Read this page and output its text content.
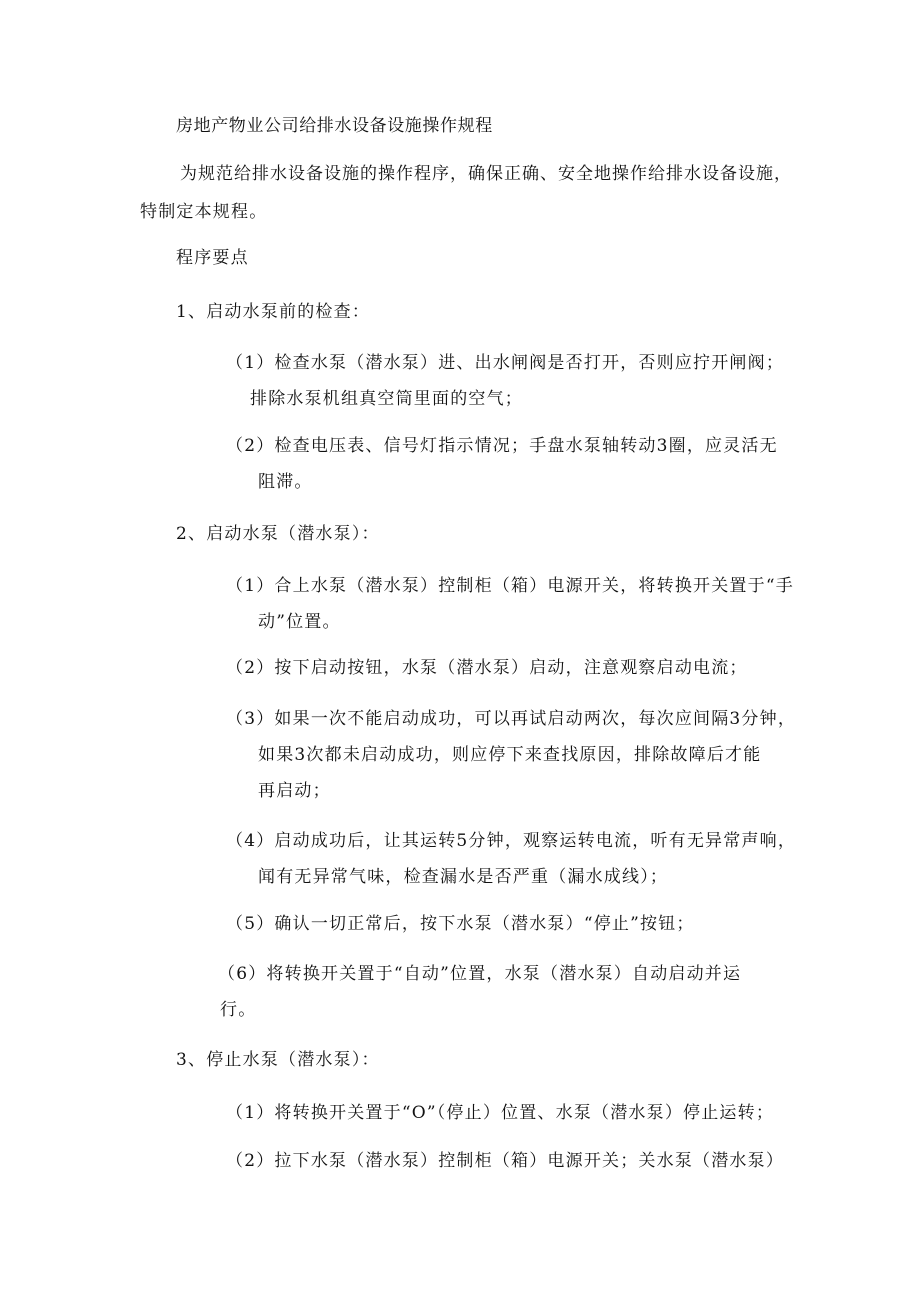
房地产物业公司给排水设备设施操作规程
为规范给排水设备设施的操作程序，确保正确、安全地操作给排水设备设施，
特制定本规程。
程序要点
1、启动水泵前的检查：
（1）检查水泵（潜水泵）进、出水闸阀是否打开，否则应拧开闸阀；
排除水泵机组真空筒里面的空气；
（2）检查电压表、信号灯指示情况；手盘水泵轴转动3圈，应灵活无
阻滞。
2、启动水泵（潜水泵）：
（1）合上水泵（潜水泵）控制柜（箱）电源开关，将转换开关置于“手
动”位置。
（2）按下启动按钮，水泵（潜水泵）启动，注意观察启动电流；
（3）如果一次不能启动成功，可以再试启动两次，每次应间隔3分钟，
如果3次都未启动成功，则应停下来查找原因，排除故障后才能
再启动；
（4）启动成功后，让其运转5分钟，观察运转电流，听有无异常声响，
闻有无异常气味，检查漏水是否严重（漏水成线）；
（5）确认一切正常后，按下水泵（潜水泵）“停止”按钮；
（6）将转换开关置于“自动”位置，水泵（潜水泵）自动启动并运
行。
3、停止水泵（潜水泵）：
（1）将转换开关置于“O”（停止）位置、水泵（潜水泵）停止运转；
（2）拉下水泵（潜水泵）控制柜（箱）电源开关；关水泵（潜水泵）
